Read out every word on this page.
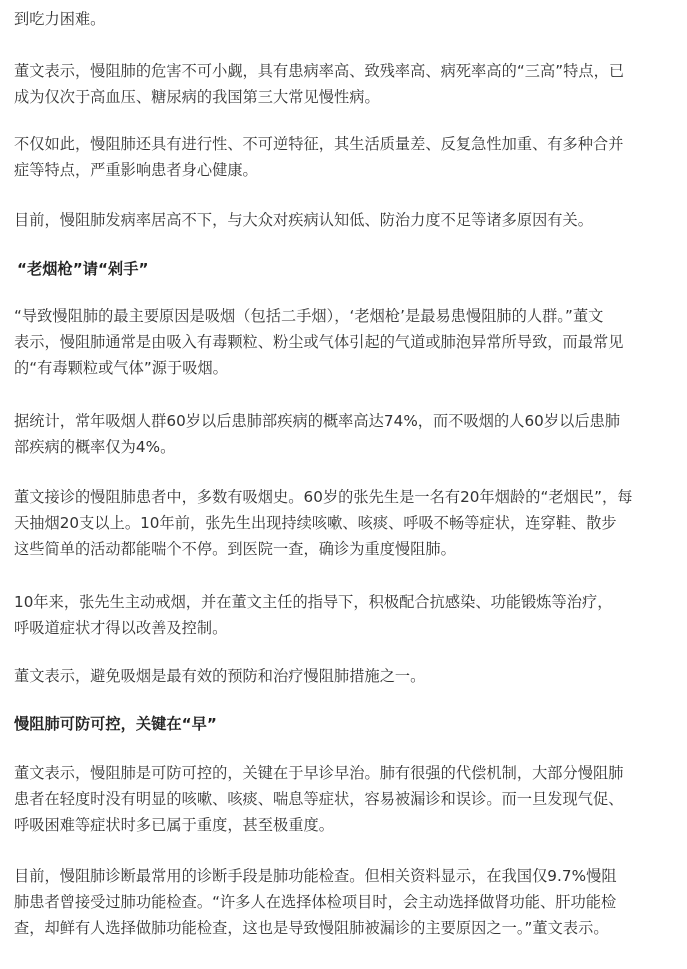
到吃力困难。

董文表示，慢阻肺的危害不可小觑，具有患病率高、致残率高、病死率高的“三高”特点，已
成为仅次于高血压、糖尿病的我国第三大常见慢性病。

不仅如此，慢阻肺还具有进行性、不可逆特征，其生活质量差、反复急性加重、有多种合并
症等特点，严重影响患者身心健康。

目前，慢阻肺发病率居高不下，与大众对疾病认知低、防治力度不足等诸多原因有关。

“老烟枪”请“剁手”

“导致慢阻肺的最主要原因是吸烟（包括二手烟），‘老烟枪’是最易患慢阻肺的人群。”董文
表示，慢阻肺通常是由吸入有毒颗粒、粉尘或气体引起的气道或肺泡异常所导致，而最常见
的“有毒颗粒或气体”源于吸烟。

据统计，常年吸烟人群60岁以后患肺部疾病的概率高达74%，而不吸烟的人60岁以后患肺
部疾病的概率仅为4%。

董文接诊的慢阻肺患者中，多数有吸烟史。60岁的张先生是一名有20年烟龄的“老烟民”，每
天抽烟20支以上。10年前，张先生出现持续咳嗽、咳痰、呼吸不畅等症状，连穿鞋、散步
这些简单的活动都能喘个不停。到医院一查，确诊为重度慢阻肺。

10年来，张先生主动戒烟，并在董文主任的指导下，积极配合抗感染、功能锻炼等治疗，
呼吸道症状才得以改善及控制。

董文表示，避免吸烟是最有效的预防和治疗慢阻肺措施之一。

慢阻肺可防可控，关键在“早”

董文表示，慢阻肺是可防可控的，关键在于早诊早治。肺有很强的代偿机制，大部分慢阻肺
患者在轻度时没有明显的咳嗽、咳痰、喘息等症状，容易被漏诊和误诊。而一旦发现气促、
呼吸困难等症状时多已属于重度，甚至极重度。

目前，慢阻肺诊断最常用的诊断手段是肺功能检查。但相关资料显示，在我国仅9.7%慢阻
肺患者曾接受过肺功能检查。“许多人在选择体检项目时，会主动选择做肾功能、肝功能检
查，却鲜有人选择做肺功能检查，这也是导致慢阻肺被漏诊的主要原因之一。”董文表示。
